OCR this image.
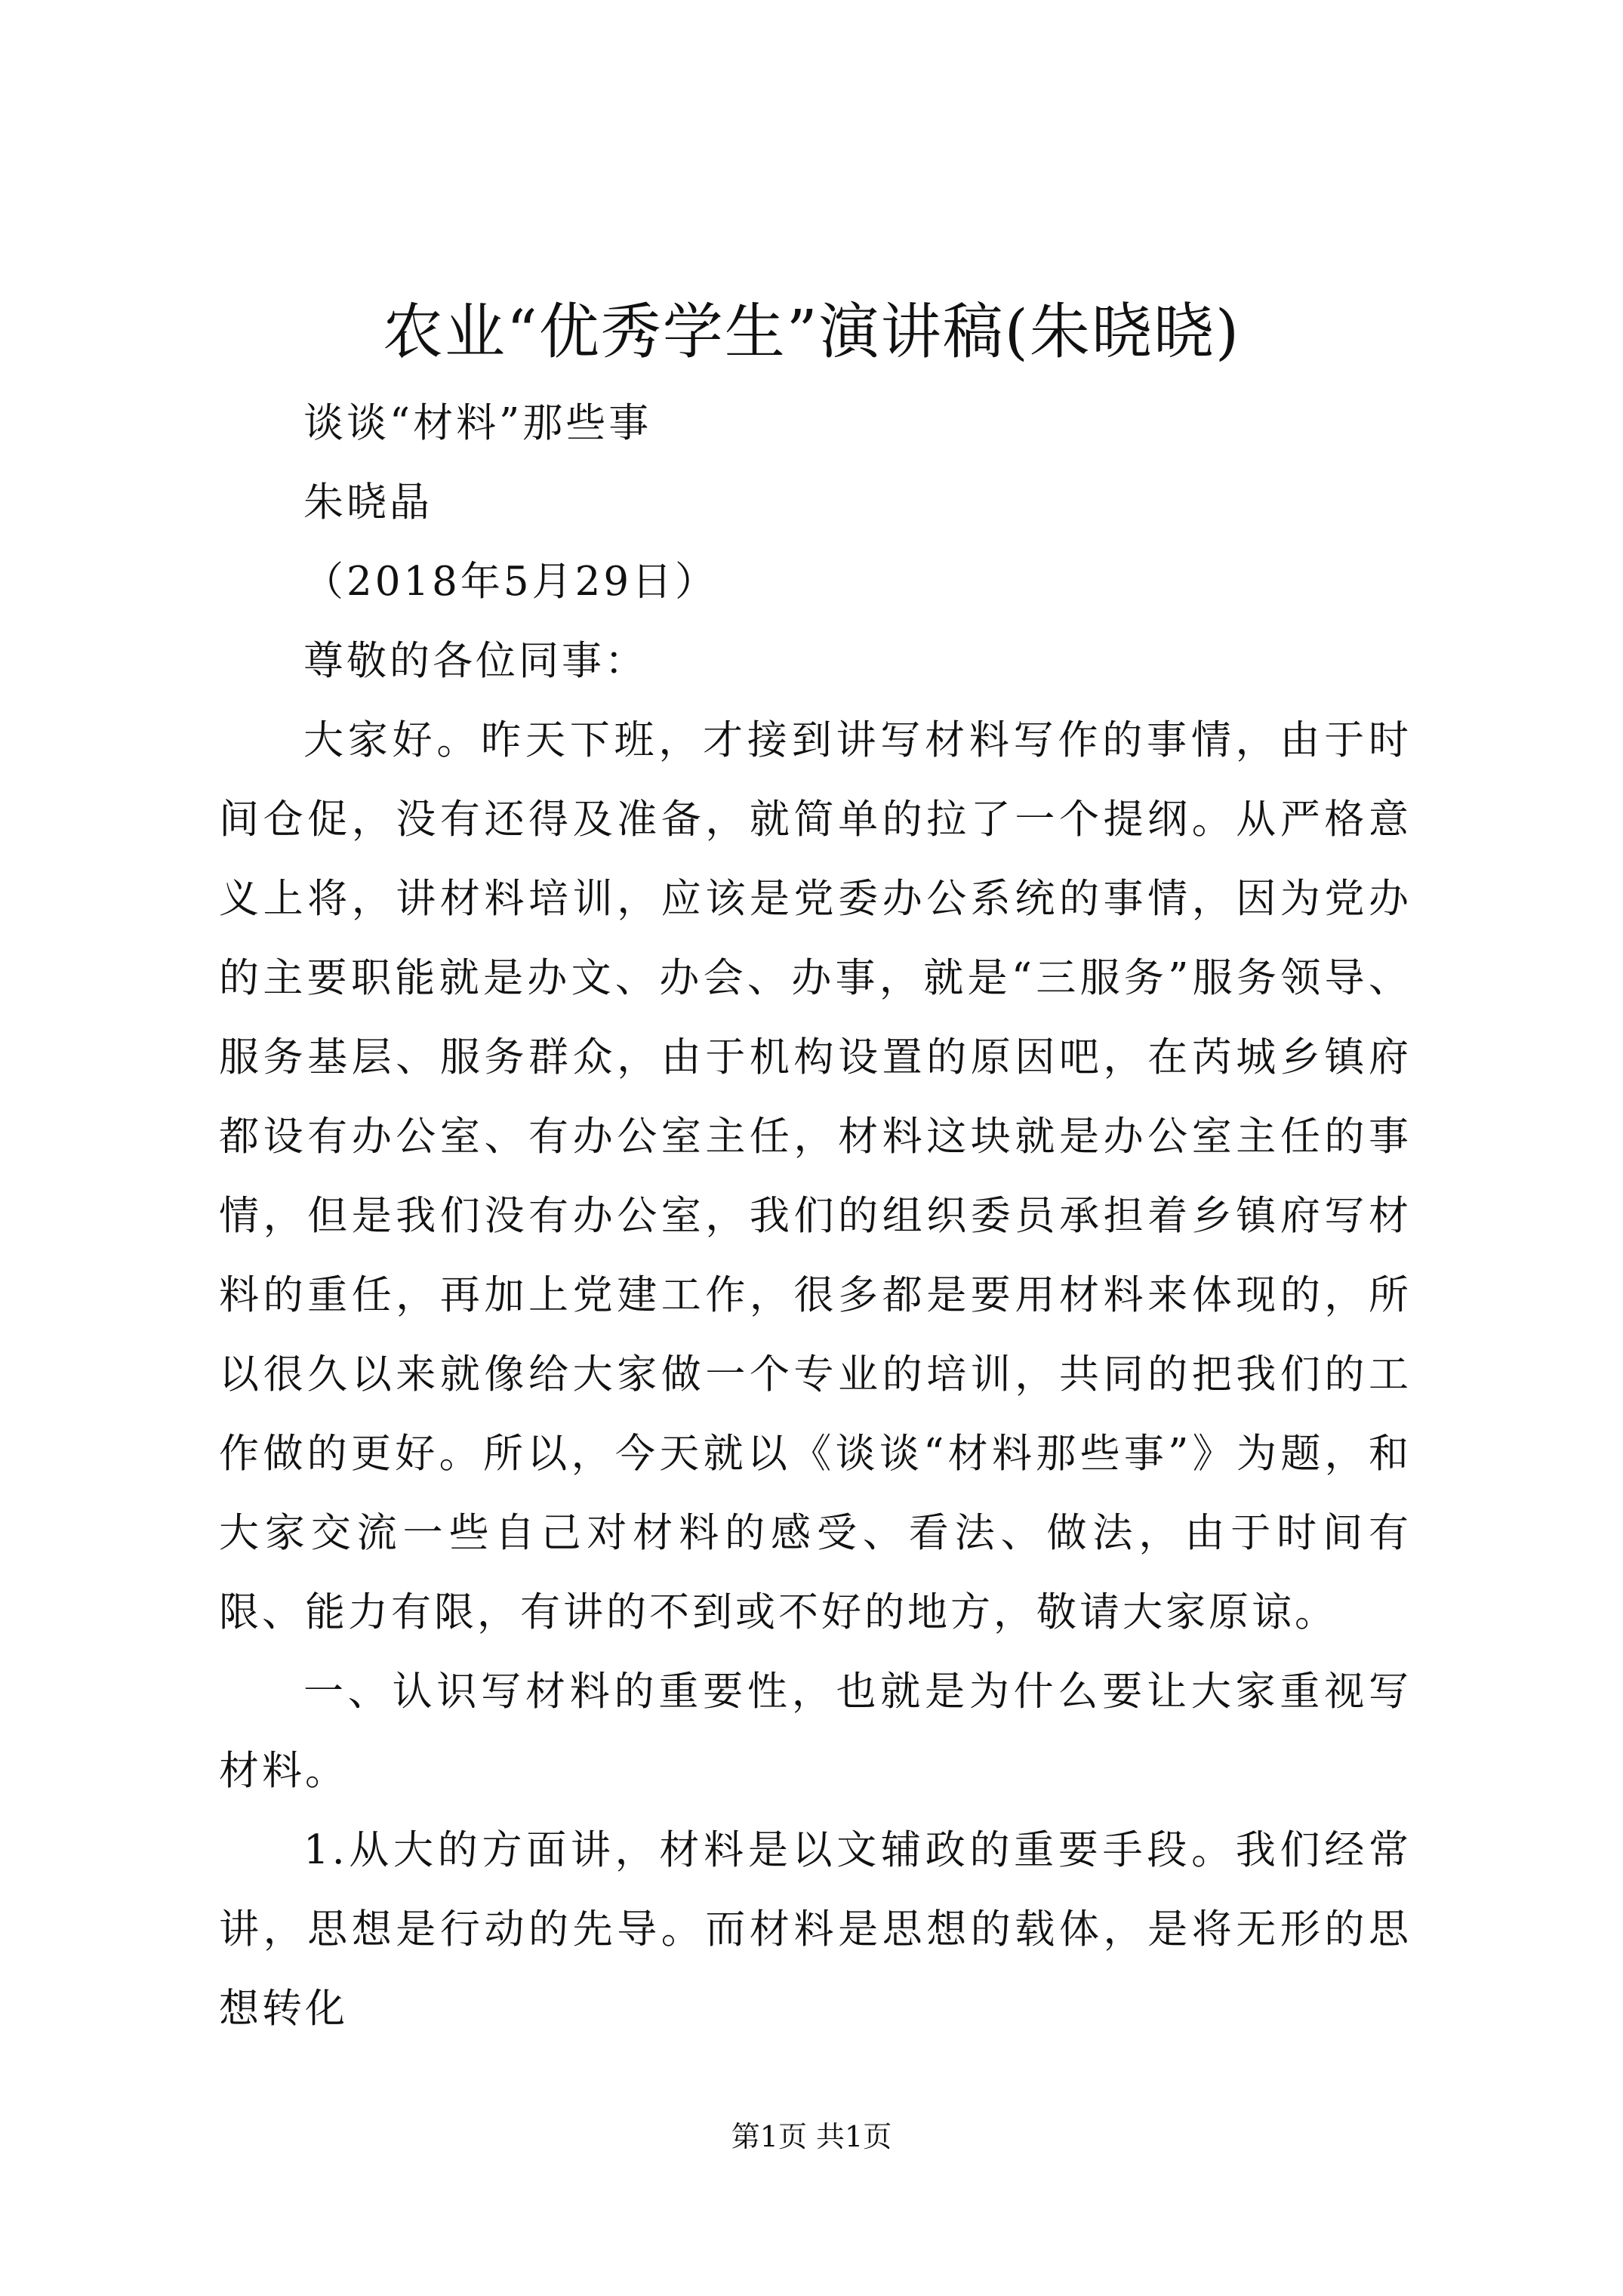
农业“优秀学生”演讲稿(朱晓晓)

谈谈“材料”那些事

朱晓晶

（2018年5月29日）

尊敬的各位同事：

大家好。昨天下班，才接到讲写材料写作的事情，由于时间仓促，没有还得及准备，就简单的拉了一个提纲。从严格意义上将，讲材料培训，应该是党委办公系统的事情，因为党办的主要职能就是办文、办会、办事，就是“三服务”服务领导、服务基层、服务群众，由于机构设置的原因吧，在芮城乡镇府都设有办公室、有办公室主任，材料这块就是办公室主任的事情，但是我们没有办公室，我们的组织委员承担着乡镇府写材料的重任，再加上党建工作，很多都是要用材料来体现的，所以很久以来就像给大家做一个专业的培训，共同的把我们的工作做的更好。所以，今天就以《谈谈“材料那些事”》为题，和大家交流一些自己对材料的感受、看法、做法，由于时间有限、能力有限，有讲的不到或不好的地方，敬请大家原谅。

一、认识写材料的重要性，也就是为什么要让大家重视写材料。

1.从大的方面讲，材料是以文辅政的重要手段。我们经常讲，思想是行动的先导。而材料是思想的载体，是将无形的思想转化

第1页 共1页
